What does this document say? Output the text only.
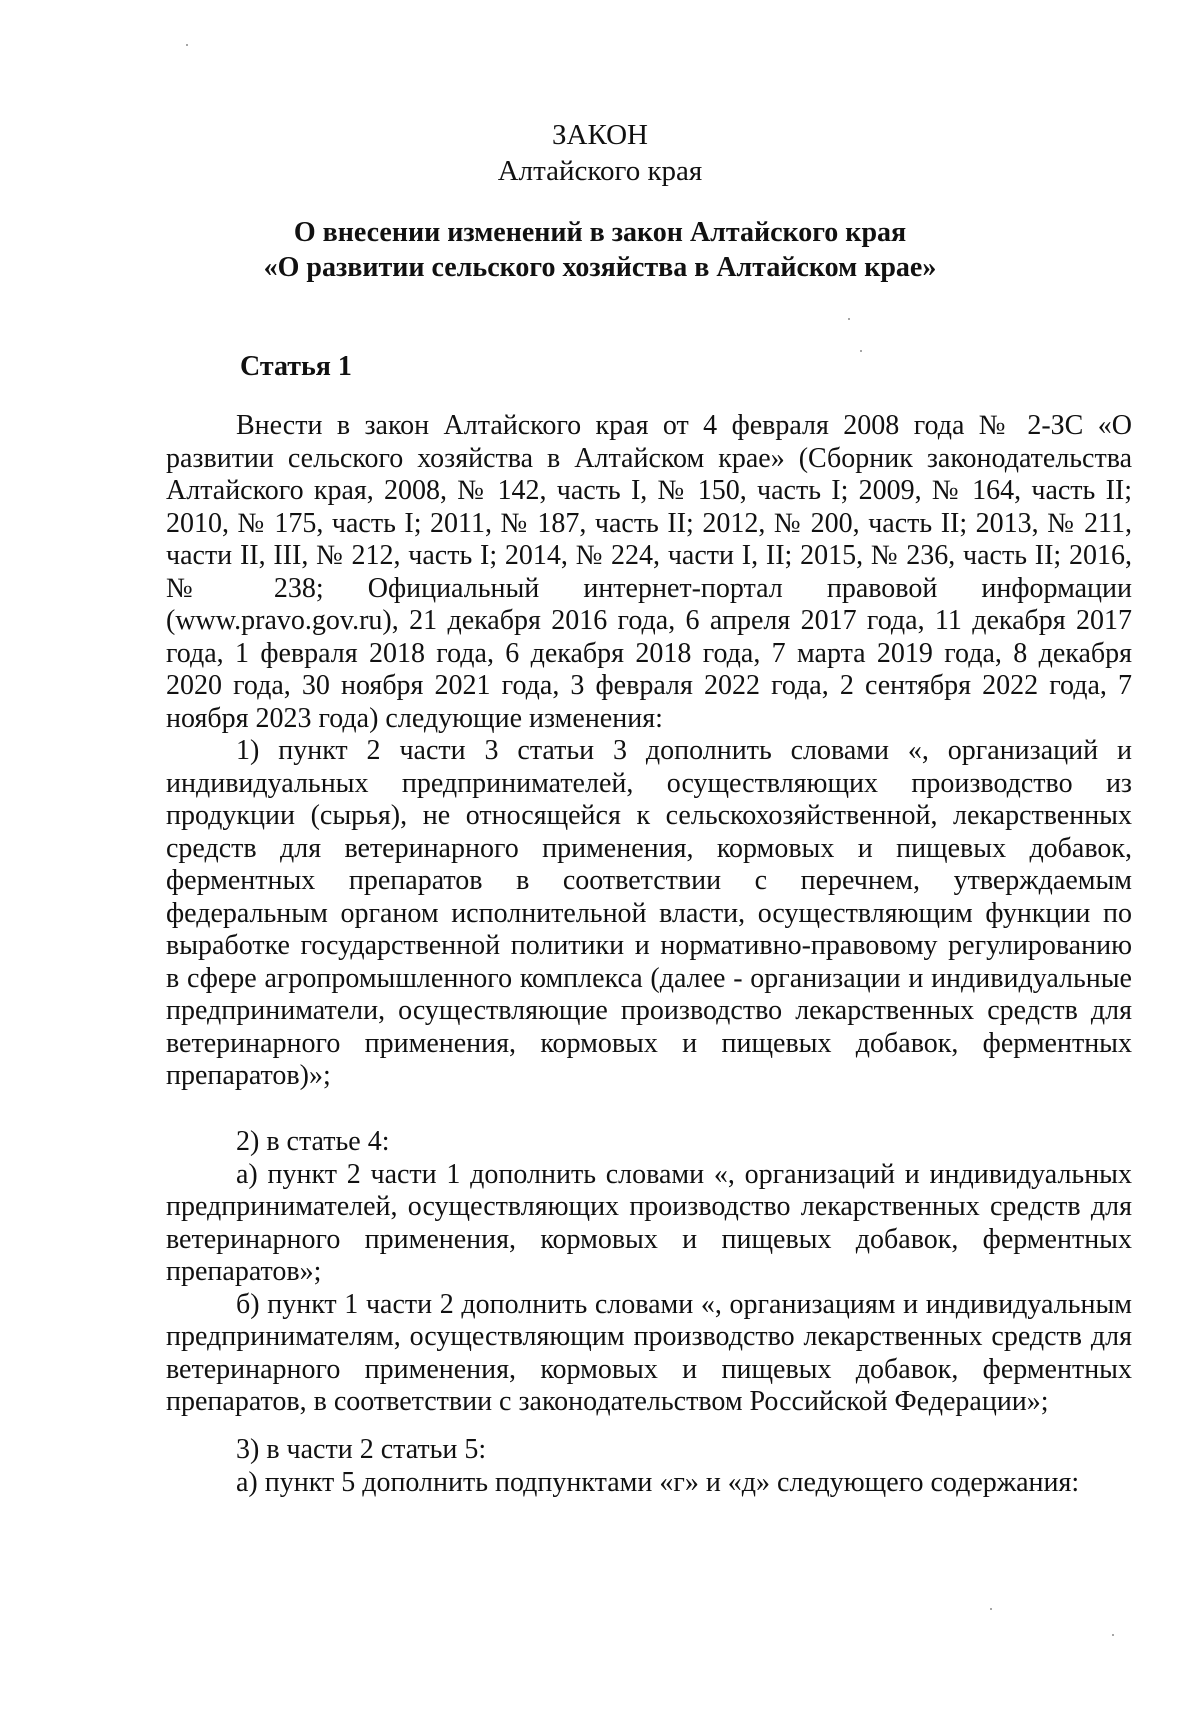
ЗАКОН
Алтайского края
О внесении изменений в закон Алтайского края
«О развитии сельского хозяйства в Алтайском крае»
Статья 1

Внести в закон Алтайского края от 4 февраля 2008 года № 2-ЗС «О развитии сельского хозяйства в Алтайском крае» (Сборник законодательства Алтайского края, 2008, № 142, часть I, № 150, часть I; 2009, № 164, часть II; 2010, № 175, часть I; 2011, № 187, часть II; 2012, № 200, часть II; 2013, № 211, части II, III, № 212, часть I; 2014, № 224, части I, II; 2015, № 236, часть II; 2016, № 238; Официальный интернет-портал правовой информации (www.pravo.gov.ru), 21 декабря 2016 года, 6 апреля 2017 года, 11 декабря 2017 года, 1 февраля 2018 года, 6 декабря 2018 года, 7 марта 2019 года, 8 декабря 2020 года, 30 ноября 2021 года, 3 февраля 2022 года, 2 сентября 2022 года, 7 ноября 2023 года) следующие изменения:

1) пункт 2 части 3 статьи 3 дополнить словами «, организаций и индивидуальных предпринимателей, осуществляющих производство из продукции (сырья), не относящейся к сельскохозяйственной, лекарственных средств для ветеринарного применения, кормовых и пищевых добавок, ферментных препаратов в соответствии с перечнем, утверждаемым федеральным органом исполнительной власти, осуществляющим функции по выработке государственной политики и нормативно-правовому регулированию в сфере агропромышленного комплекса (далее - организации и индивидуальные предприниматели, осуществляющие производство лекарственных средств для ветеринарного применения, кормовых и пищевых добавок, ферментных препаратов)»;

2) в статье 4:

а) пункт 2 части 1 дополнить словами «, организаций и индивидуальных предпринимателей, осуществляющих производство лекарственных средств для ветеринарного применения, кормовых и пищевых добавок, ферментных препаратов»;

б) пункт 1 части 2 дополнить словами «, организациям и индивидуальным предпринимателям, осуществляющим производство лекарственных средств для ветеринарного применения, кормовых и пищевых добавок, ферментных препаратов, в соответствии с законодательством Российской Федерации»;

3) в части 2 статьи 5:

а) пункт 5 дополнить подпунктами «г» и «д» следующего содержания:
